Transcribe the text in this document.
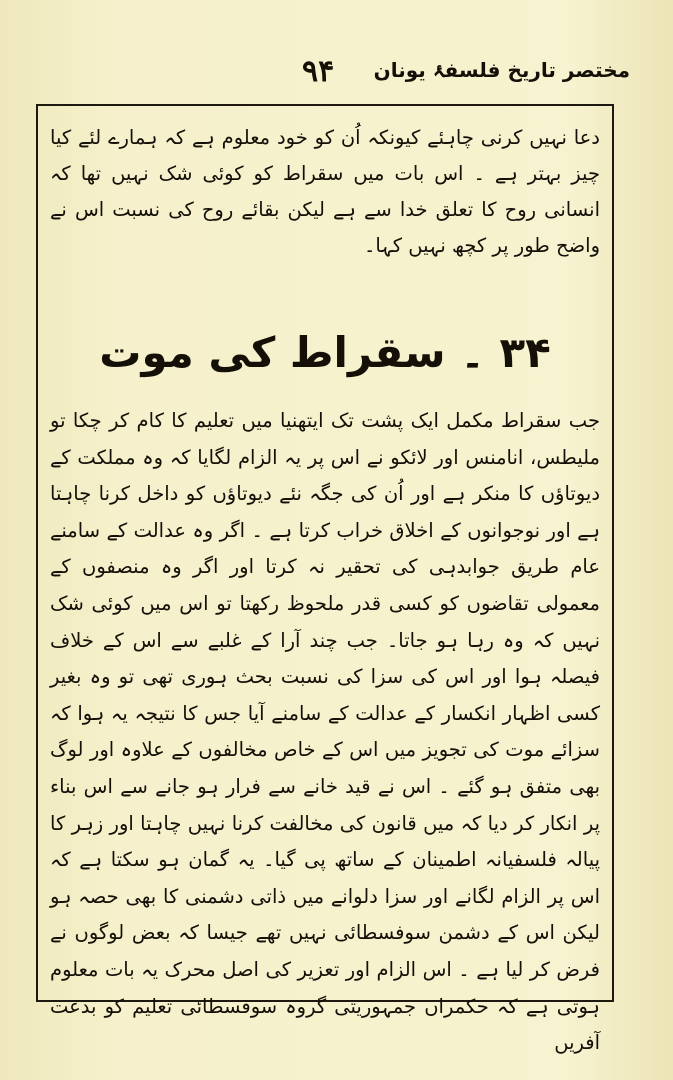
۹۴ مختصر تاریخ فلسفۂ یونان
دعا نہیں کرنی چاہئے کیونکہ اُن کو خود معلوم ہے کہ ہمارے لئے کیا چیز بہتر ہے ۔ اس بات میں سقراط کو کوئی شک نہیں تھا کہ انسانی روح کا تعلق خدا سے ہے لیکن بقائے روح کی نسبت اس نے واضح طور پر کچھ نہیں کہا۔
۳۴ ۔ سقراط کی موت
جب سقراط مکمل ایک پشت تک ایتھنیا میں تعلیم کا کام کر چکا تو ملیطس، انامنس اور لائکو نے اس پر یہ الزام لگایا کہ وہ مملکت کے دیوتاؤں کا منکر ہے اور اُن کی جگہ نئے دیوتاؤں کو داخل کرنا چاہتا ہے اور نوجوانوں کے اخلاق خراب کرتا ہے ۔ اگر وہ عدالت کے سامنے عام طریق جوابدہی کی تحقیر نہ کرتا اور اگر وہ منصفوں کے معمولی تقاضوں کو کسی قدر ملحوظ رکھتا تو اس میں کوئی شک نہیں کہ وہ رہا ہو جاتا۔ جب چند آرا کے غلبے سے اس کے خلاف فیصلہ ہوا اور اس کی سزا کی نسبت بحث ہوری تھی تو وہ بغیر کسی اظہار انکسار کے عدالت کے سامنے آیا جس کا نتیجہ یہ ہوا کہ سزائے موت کی تجویز میں اس کے خاص مخالفوں کے علاوہ اور لوگ بھی متفق ہو گئے ۔ اس نے قید خانے سے فرار ہو جانے سے اس بناء پر انکار کر دیا کہ میں قانون کی مخالفت کرنا نہیں چاہتا اور زہر کا پیالہ فلسفیانہ اطمینان کے ساتھ پی گیا۔ یہ گمان ہو سکتا ہے کہ اس پر الزام لگانے اور سزا دلوانے میں ذاتی دشمنی کا بھی حصہ ہو لیکن اس کے دشمن سوفسطائی نہیں تھے جیسا کہ بعض لوگوں نے فرض کر لیا ہے ۔ اس الزام اور تعزیر کی اصل محرک یہ بات معلوم ہوتی ہے کہ حکمراں جمہوریتی گروہ سوفسطائی تعلیم کو بدعت آفریں
